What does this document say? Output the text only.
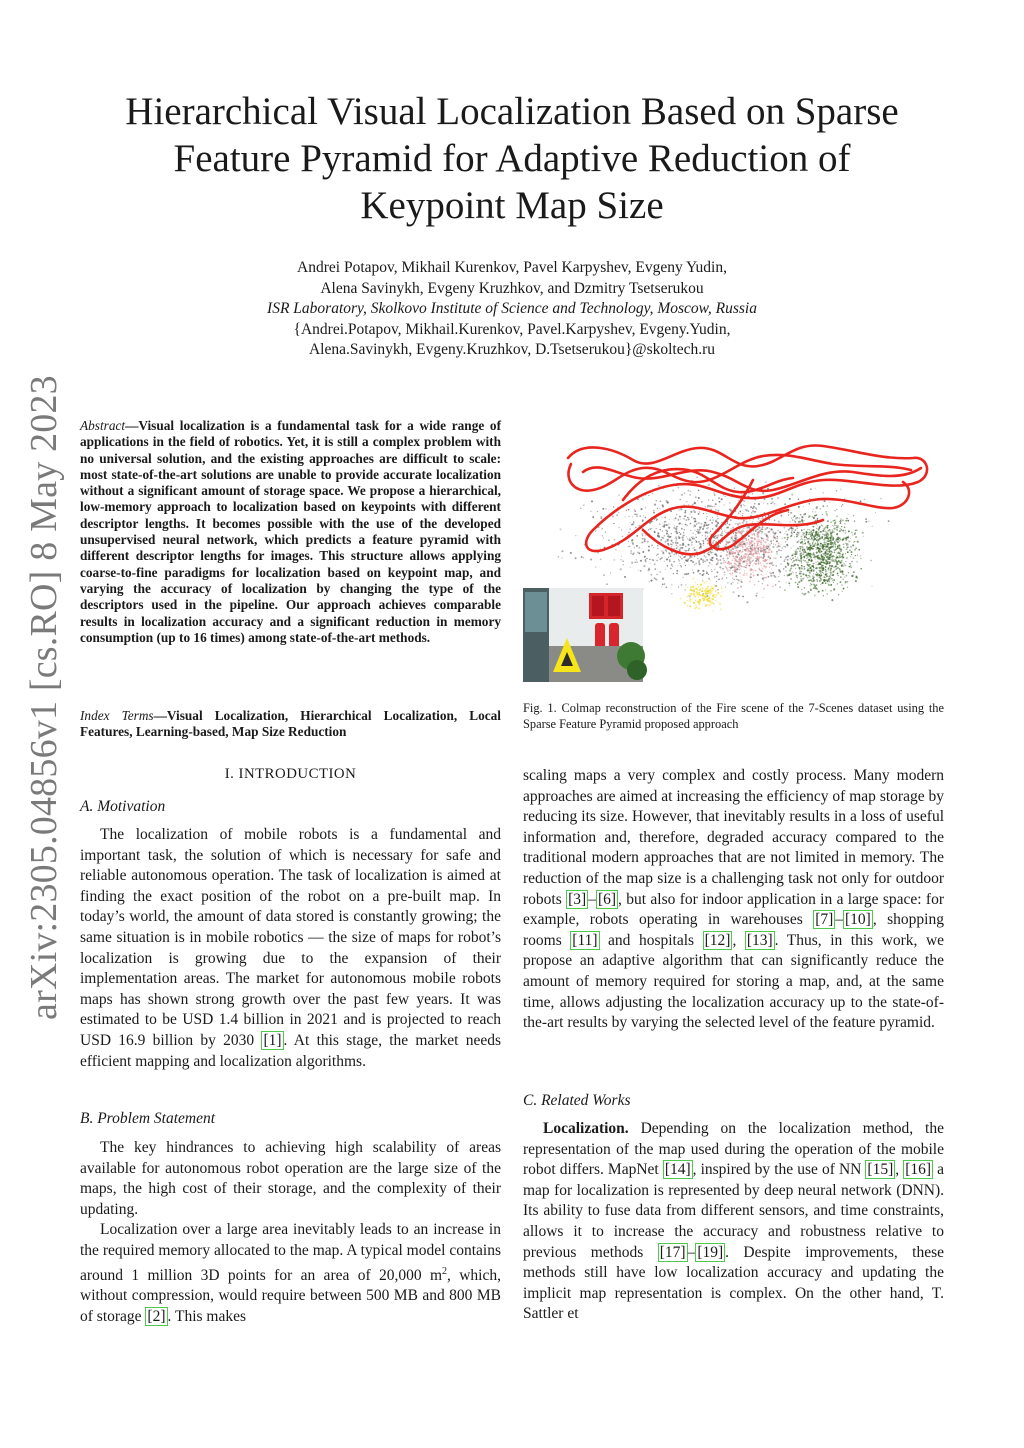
Hierarchical Visual Localization Based on Sparse
Feature Pyramid for Adaptive Reduction of
Keypoint Map Size
Andrei Potapov, Mikhail Kurenkov, Pavel Karpyshev, Evgeny Yudin,
Alena Savinykh, Evgeny Kruzhkov, and Dzmitry Tsetserukou
ISR Laboratory, Skolkovo Institute of Science and Technology, Moscow, Russia
{Andrei.Potapov, Mikhail.Kurenkov, Pavel.Karpyshev, Evgeny.Yudin,
Alena.Savinykh, Evgeny.Kruzhkov, D.Tsetserukou}@skoltech.ru
arXiv:2305.04856v1 [cs.RO] 8 May 2023 Abstract—Visual localization is a fundamental task for a wide range of applications in the field of robotics. Yet, it is still a complex problem with no universal solution, and the existing approaches are difficult to scale: most state-of-the-art solutions are unable to provide accurate localization without a significant amount of storage space. We propose a hierarchical, low-memory approach to localization based on keypoints with different descriptor lengths. It becomes possible with the use of the developed unsupervised neural network, which predicts a feature pyramid with different descriptor lengths for images. This structure allows applying coarse-to-fine paradigms for localization based on keypoint map, and varying the accuracy of localization by changing the type of the descriptors used in the pipeline. Our approach achieves comparable results in localization accuracy and a significant reduction in memory consumption (up to 16 times) among state-of-the-art methods.
Index Terms—Visual Localization, Hierarchical Localization, Local Features, Learning-based, Map Size Reduction
I. INTRODUCTION
A. Motivation

The localization of mobile robots is a fundamental and important task, the solution of which is necessary for safe and reliable autonomous operation. The task of localization is aimed at finding the exact position of the robot on a pre-built map. In today’s world, the amount of data stored is constantly growing; the same situation is in mobile robotics — the size of maps for robot’s localization is growing due to the expansion of their implementation areas. The market for autonomous mobile robots maps has shown strong growth over the past few years. It was estimated to be USD 1.4 billion in 2021 and is projected to reach USD 16.9 billion by 2030 [1] . At this stage, the market needs efficient mapping and localization algorithms.

B. Problem Statement

The key hindrances to achieving high scalability of areas available for autonomous robot operation are the large size of the maps, the high cost of their storage, and the complexity of their updating.

Localization over a large area inevitably leads to an increase in the required memory allocated to the map. A typical model contains around 1 million 3D points for an area of 20,000 $m^2$, which, without compression, would require between 500 MB and 800 MB of storage [2] . This makes

Fig. 1. Colmap reconstruction of the Fire scene of the 7-Scenes dataset using the Sparse Feature Pyramid proposed approach

scaling maps a very complex and costly process. Many modern approaches are aimed at increasing the efficiency of map storage by reducing its size. However, that inevitably results in a loss of useful information and, therefore, degraded accuracy compared to the traditional modern approaches that are not limited in memory. The reduction of the map size is a challenging task not only for outdoor robots [3] – [6] , but also for indoor application in a large space: for example, robots operating in warehouses [7] – [10] , shopping rooms [11] and hospitals [12] , [13] . Thus, in this work, we propose an adaptive algorithm that can significantly reduce the amount of memory required for storing a map, and, at the same time, allows adjusting the localization accuracy up to the state-of-the-art results by varying the selected level of the feature pyramid.

C. Related Works

Localization. Depending on the localization method, the representation of the map used during the operation of the mobile robot differs. MapNet [14] , inspired by the use of NN [15] , [16] a map for localization is represented by deep neural network (DNN). Its ability to fuse data from different sensors, and time constraints, allows it to increase the accuracy and robustness relative to previous methods [17] – [19] . Despite improvements, these methods still have low localization accuracy and updating the implicit map representation is complex. On the other hand, T. Sattler et
